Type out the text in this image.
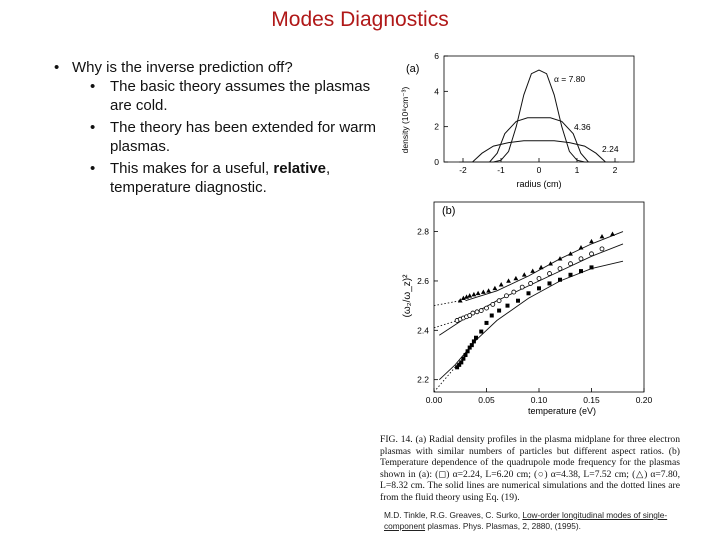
Modes Diagnostics
• Why is the inverse prediction off?
• The basic theory assumes the plasmas are cold.
• The theory has been extended for warm plasmas.
• This makes for a useful, relative, temperature diagnostic.
(a)
density (10⁸cm⁻³)
radius (cm)
α = 7.80
4.36
2.24
-2	-1	0	1	2
0
2
4
6
(b)
(ω₂/ω_z)²
temperature (eV)
0.00	0.05	0.10	0.15	0.20
2.2
2.4
2.6
2.8
FIG. 14. (a) Radial density profiles in the plasma midplane for three electron plasmas with similar numbers of particles but different aspect ratios. (b) Temperature dependence of the quadrupole mode frequency for the plasmas shown in (a): (◻) α=2.24, L=6.20 cm; (○) α=4.38, L=7.52 cm; (△) α=7.80, L=8.32 cm. The solid lines are numerical simulations and the dotted lines are from the fluid theory using Eq. (19).
M.D. Tinkle, R.G. Greaves, C. Surko, Low-order longitudinal modes of single-component plasmas. Phys. Plasmas, 2, 2880, (1995).
